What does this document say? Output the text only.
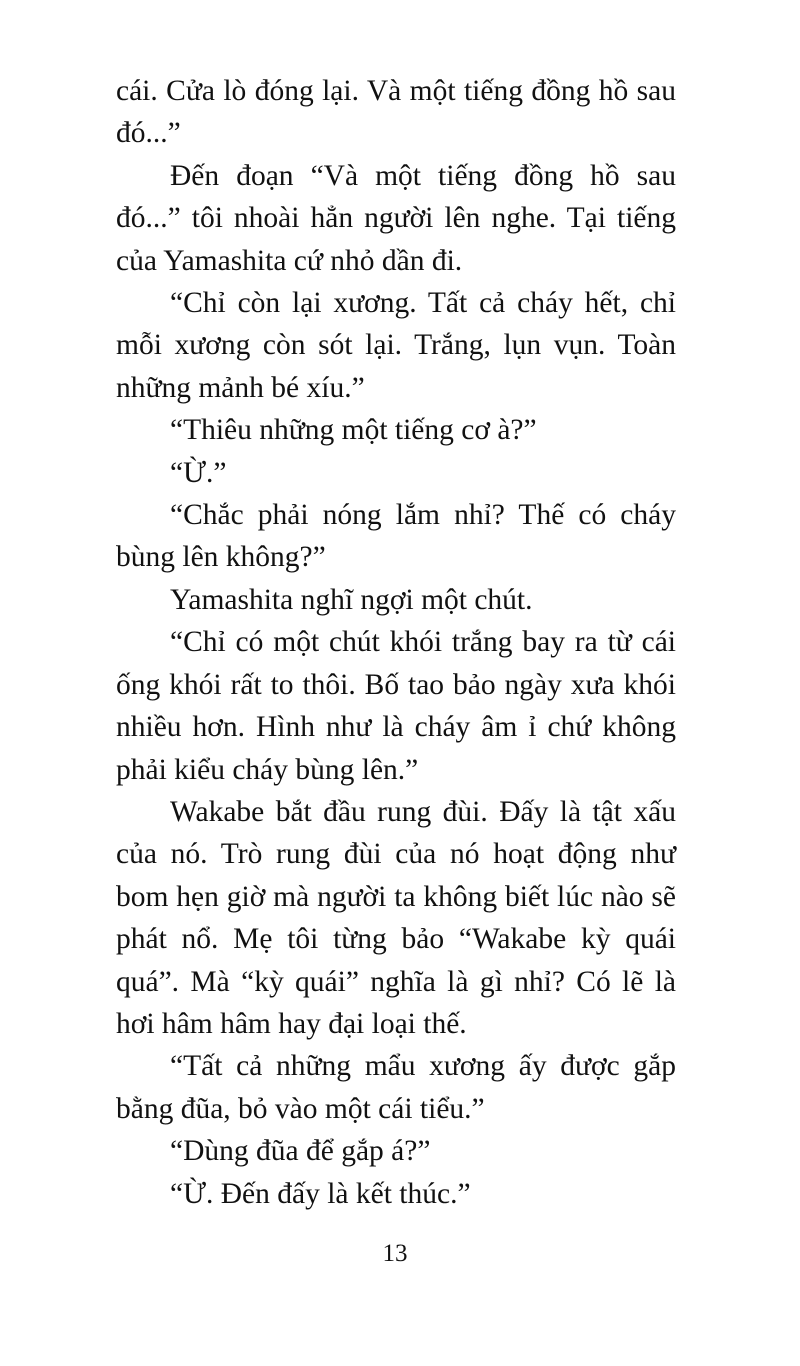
cái. Cửa lò đóng lại. Và một tiếng đồng hồ sau đó...”

Đến đoạn “Và một tiếng đồng hồ sau đó...” tôi nhoài hẳn người lên nghe. Tại tiếng của Yamashita cứ nhỏ dần đi.

“Chỉ còn lại xương. Tất cả cháy hết, chỉ mỗi xương còn sót lại. Trắng, lụn vụn. Toàn những mảnh bé xíu.”

“Thiêu những một tiếng cơ à?”

“Ừ.”

“Chắc phải nóng lắm nhỉ? Thế có cháy bùng lên không?”

Yamashita nghĩ ngợi một chút.

“Chỉ có một chút khói trắng bay ra từ cái ống khói rất to thôi. Bố tao bảo ngày xưa khói nhiều hơn. Hình như là cháy âm ỉ chứ không phải kiểu cháy bùng lên.”

Wakabe bắt đầu rung đùi. Đấy là tật xấu của nó. Trò rung đùi của nó hoạt động như bom hẹn giờ mà người ta không biết lúc nào sẽ phát nổ. Mẹ tôi từng bảo “Wakabe kỳ quái quá”. Mà “kỳ quái” nghĩa là gì nhỉ? Có lẽ là hơi hâm hâm hay đại loại thế.

“Tất cả những mẩu xương ấy được gắp bằng đũa, bỏ vào một cái tiểu.”

“Dùng đũa để gắp á?”

“Ừ. Đến đấy là kết thúc.”

13
